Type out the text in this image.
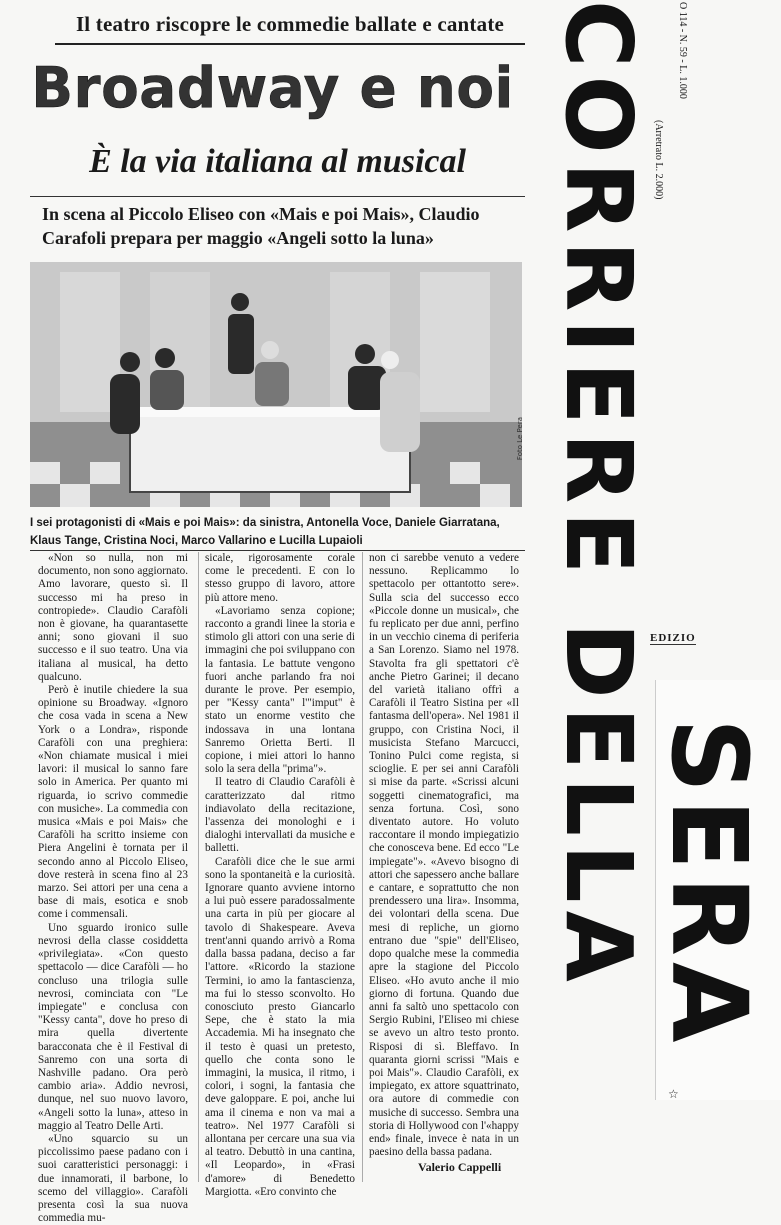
Il teatro riscopre le commedie ballate e cantate
Broadway e noi
È la via italiana al musical
In scena al Piccolo Eliseo con «Mais e poi Mais», Claudio Carafoli prepara per maggio «Angeli sotto la luna»
Foto Le Pera
I sei protagonisti di «Mais e poi Mais»: da sinistra, Antonella Voce, Daniele Giarratana, Klaus Tange, Cristina Noci, Marco Vallarino e Lucilla Lupaioli

«Non so nulla, non mi documento, non sono aggiornato. Amo lavorare, questo sì. Il successo mi ha preso in contropiede». Claudio Carafòli non è giovane, ha quarantasette anni; sono giovani il suo successo e il suo teatro. Una via italiana al musical, ha detto qualcuno.

Però è inutile chiedere la sua opinione su Broadway. «Ignoro che cosa vada in scena a New York o a Londra», risponde Carafòli con una preghiera: «Non chiamate musical i miei lavori: il musical lo sanno fare solo in America. Per quanto mi riguarda, io scrivo commedie con musiche». La commedia con musica «Mais e poi Mais» che Carafòli ha scritto insieme con Piera Angelini è tornata per il secondo anno al Piccolo Eliseo, dove resterà in scena fino al 23 marzo. Sei attori per una cena a base di mais, esotica e snob come i commensali.

Uno sguardo ironico sulle nevrosi della classe cosiddetta «privilegiata». «Con questo spettacolo — dice Carafòli — ho concluso una trilogia sulle nevrosi, cominciata con "Le impiegate" e conclusa con "Kessy canta", dove ho preso di mira quella divertente baracconata che è il Festival di Sanremo con una sorta di Nashville padano. Ora però cambio aria». Addio nevrosi, dunque, nel suo nuovo lavoro, «Angeli sotto la luna», atteso in maggio al Teatro Delle Arti.

«Uno squarcio su un piccolissimo paese padano con i suoi caratteristici personaggi: i due innamorati, il barbone, lo scemo del villaggio». Carafòli presenta così la sua nuova commedia mu-

sicale, rigorosamente corale come le precedenti. E con lo stesso gruppo di lavoro, attore più attore meno.

«Lavoriamo senza copione; racconto a grandi linee la storia e stimolo gli attori con una serie di immagini che poi sviluppano con la fantasia. Le battute vengono fuori anche parlando fra noi durante le prove. Per esempio, per "Kessy canta" l'"imput" è stato un enorme vestito che indossava in una lontana Sanremo Orietta Berti. Il copione, i miei attori lo hanno solo la sera della "prima"».

Il teatro di Claudio Carafòli è caratterizzato dal ritmo indiavolato della recitazione, l'assenza dei monologhi e i dialoghi intervallati da musiche e balletti.

Carafòli dice che le sue armi sono la spontaneità e la curiosità. Ignorare quanto avviene intorno a lui può essere paradossalmente una carta in più per giocare al tavolo di Shakespeare. Aveva trent'anni quando arrivò a Roma dalla bassa padana, deciso a far l'attore. «Ricordo la stazione Termini, io amo la fantascienza, ma fui lo stesso sconvolto. Ho conosciuto presto Giancarlo Sepe, che è stato la mia Accademia. Mi ha insegnato che il testo è quasi un pretesto, quello che conta sono le immagini, la musica, il ritmo, i colori, i sogni, la fantasia che deve galoppare. E poi, anche lui ama il cinema e non va mai a teatro». Nel 1977 Carafòli si allontana per cercare una sua via al teatro. Debuttò in una cantina, «Il Leopardo», in «Frasi d'amore» di Benedetto Margiotta. «Ero convinto che

non ci sarebbe venuto a vedere nessuno. Replicammo lo spettacolo per ottantotto sere». Sulla scia del successo ecco «Piccole donne un musical», che fu replicato per due anni, perfino in un vecchio cinema di periferia a San Lorenzo. Siamo nel 1978. Stavolta fra gli spettatori c'è anche Pietro Garinei; il decano del varietà italiano offrì a Carafòli il Teatro Sistina per «Il fantasma dell'opera». Nel 1981 il gruppo, con Cristina Noci, il musicista Stefano Marcucci, Tonino Pulci come regista, si scioglie. E per sei anni Carafòli si mise da parte. «Scrissi alcuni soggetti cinematografici, ma senza fortuna. Così, sono diventato autore. Ho voluto raccontare il mondo impiegatizio che conosceva bene. Ed ecco "Le impiegate"». «Avevo bisogno di attori che sapessero anche ballare e cantare, e soprattutto che non prendessero una lira». Insomma, dei volontari della scena. Due mesi di repliche, un giorno entrano due "spie" dell'Eliseo, dopo qualche mese la commedia apre la stagione del Piccolo Eliseo. «Ho avuto anche il mio giorno di fortuna. Quando due anni fa saltò uno spettacolo con Sergio Rubini, l'Eliseo mi chiese se avevo un altro testo pronto. Risposi di sì. Bleffavo. In quaranta giorni scrissi "Mais e poi Mais"». Claudio Carafòli, ex impiegato, ex attore squattrinato, ora autore di commedie con musiche di successo. Sembra una storia di Hollywood con l'«happy end» finale, invece è nata in un paesino della bassa padana.

Valerio Cappelli
CORRIERE DELLA	O 114 - N. 59 - L. 1.000
(Arretrato L. 2.000)
EDIZIO
SERA
☆
